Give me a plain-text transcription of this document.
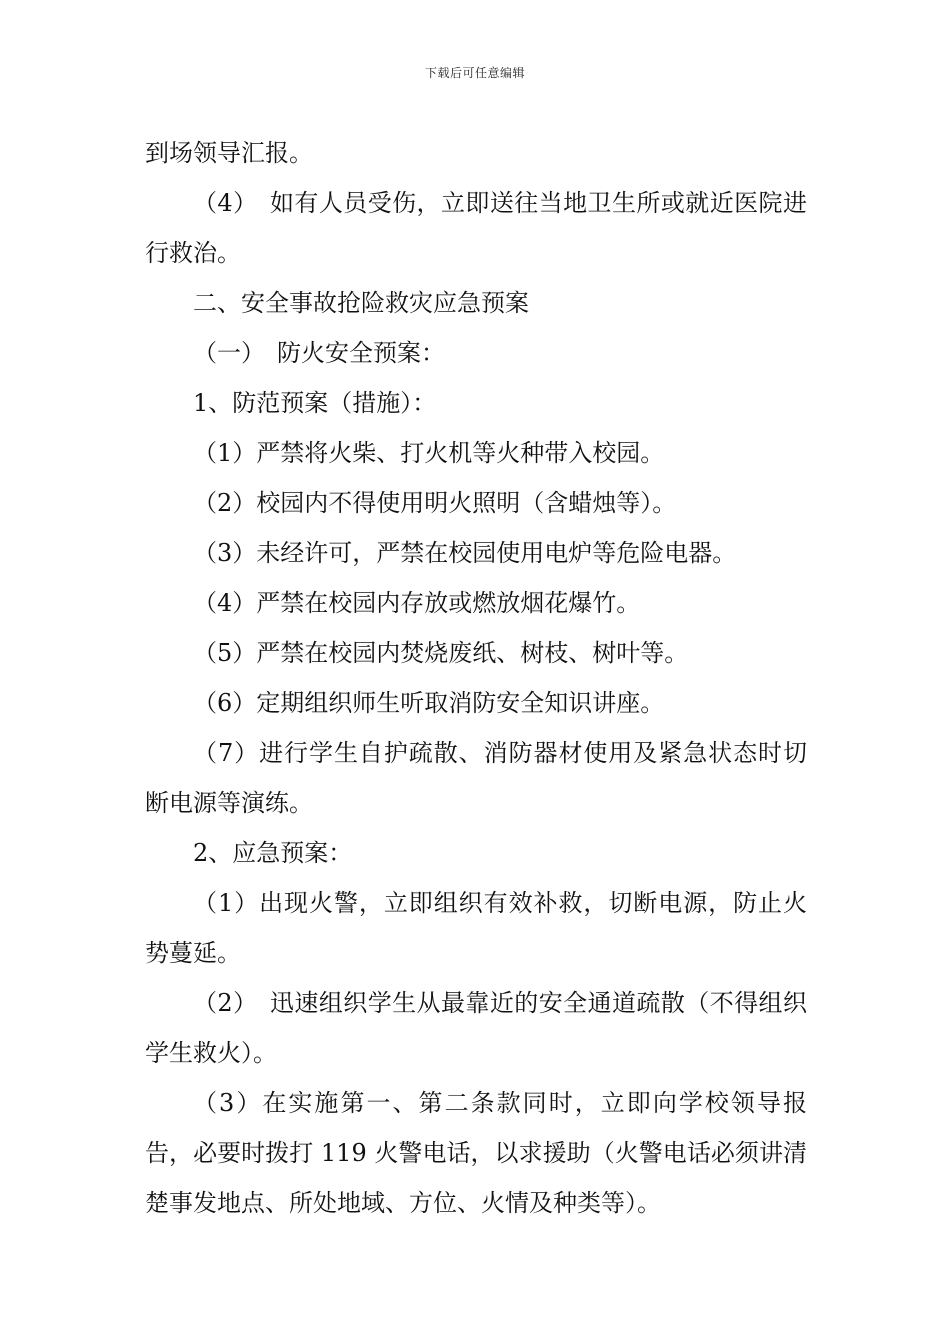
下载后可任意编辑

到场领导汇报。

（4）　如有人员受伤，立即送往当地卫生所或就近医院进行救治。

二、安全事故抢险救灾应急预案

（一）　防火安全预案：

1、防范预案（措施）：

（1）严禁将火柴、打火机等火种带入校园。

（2）校园内不得使用明火照明（含蜡烛等）。

（3）未经许可，严禁在校园使用电炉等危险电器。

（4）严禁在校园内存放或燃放烟花爆竹。

（5）严禁在校园内焚烧废纸、树枝、树叶等。

（6）定期组织师生听取消防安全知识讲座。

（7）进行学生自护疏散、消防器材使用及紧急状态时切断电源等演练。

2、应急预案：

（1）出现火警，立即组织有效补救，切断电源，防止火势蔓延。

（2）　迅速组织学生从最靠近的安全通道疏散（不得组织学生救火）。

（3）在实施第一、第二条款同时，立即向学校领导报告，必要时拨打 119 火警电话，以求援助（火警电话必须讲清楚事发地点、所处地域、方位、火情及种类等）。
